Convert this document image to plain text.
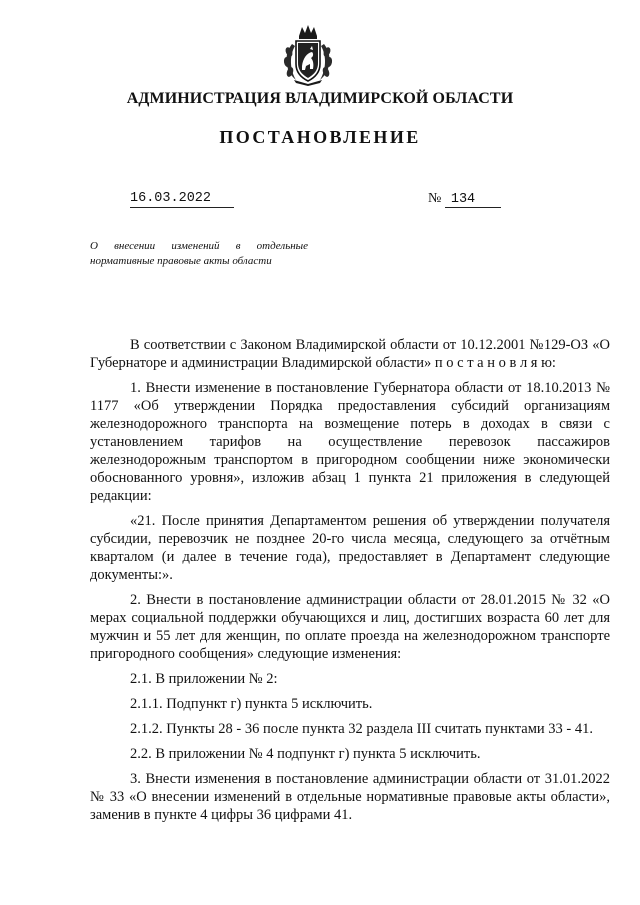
АДМИНИСТРАЦИЯ ВЛАДИМИРСКОЙ ОБЛАСТИ
ПОСТАНОВЛЕНИЕ
16.03.2022	№ 134
О внесении изменений в отдельные нормативные правовые акты области

В соответствии с Законом Владимирской области от 10.12.2001 №129-ОЗ «О Губернаторе и администрации Владимирской области» п о с т а н о в л я ю:

1. Внести изменение в постановление Губернатора области от 18.10.2013 № 1177 «Об утверждении Порядка предоставления субсидий организациям железнодорожного транспорта на возмещение потерь в доходах в связи с установлением тарифов на осуществление перевозок пассажиров железнодорожным транспортом в пригородном сообщении ниже экономически обоснованного уровня», изложив абзац 1 пункта 21 приложения в следующей редакции:

«21. После принятия Департаментом решения об утверждении получателя субсидии, перевозчик не позднее 20-го числа месяца, следующего за отчётным кварталом (и далее в течение года), предоставляет в Департамент следующие документы:».

2. Внести в постановление администрации области от 28.01.2015 № 32 «О мерах социальной поддержки обучающихся и лиц, достигших возраста 60 лет для мужчин и 55 лет для женщин, по оплате проезда на железнодорожном транспорте пригородного сообщения» следующие изменения:

2.1. В приложении № 2:

2.1.1. Подпункт г) пункта 5 исключить.

2.1.2. Пункты 28 - 36 после пункта 32 раздела III считать пунктами 33 - 41.

2.2. В приложении № 4 подпункт г) пункта 5 исключить.

3. Внести изменения в постановление администрации области от 31.01.2022 № 33 «О внесении изменений в отдельные нормативные правовые акты области», заменив в пункте 4 цифры 36 цифрами 41.
